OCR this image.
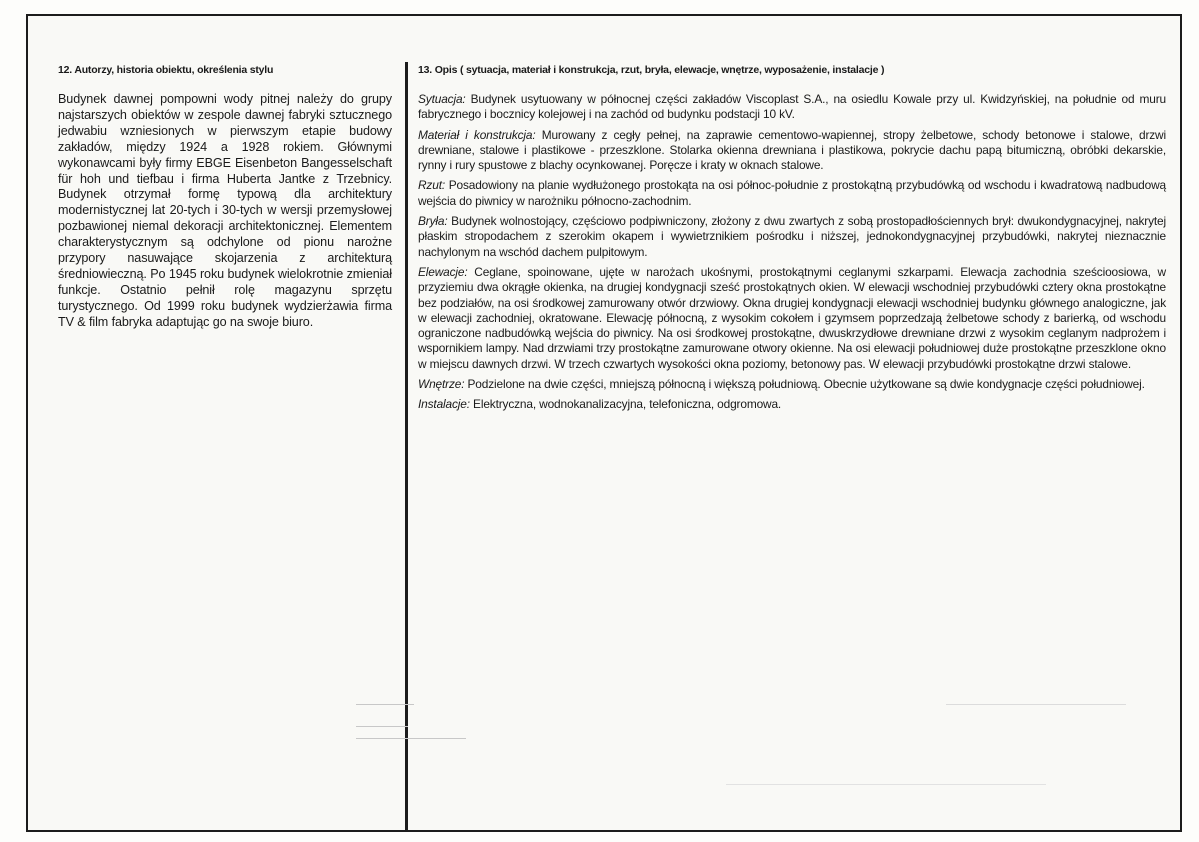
12. Autorzy, historia obiektu, określenia stylu
Budynek dawnej pompowni wody pitnej należy do grupy najstarszych obiektów w zespole dawnej fabryki sztucznego jedwabiu wzniesionych w pierwszym etapie budowy zakładów, między 1924 a 1928 rokiem. Głównymi wykonawcami były firmy EBGE Eisenbeton Bangesselschaft für hoh und tiefbau i firma Huberta Jantke z Trzebnicy. Budynek otrzymał formę typową dla architektury modernistycznej lat 20-tych i 30-tych w wersji przemysłowej pozbawionej niemal dekoracji architektonicznej. Elementem charakterystycznym są odchylone od pionu narożne przypory nasuwające skojarzenia z architekturą średniowieczną. Po 1945 roku budynek wielokrotnie zmieniał funkcje. Ostatnio pełnił rolę magazynu sprzętu turystycznego. Od 1999 roku budynek wydzierżawia firma TV & film fabryka adaptując go na swoje biuro.
13. Opis ( sytuacja, materiał i konstrukcja, rzut, bryła, elewacje, wnętrze, wyposażenie, instalacje )

Sytuacja: Budynek usytuowany w północnej części zakładów Viscoplast S.A., na osiedlu Kowale przy ul. Kwidzyńskiej, na południe od muru fabrycznego i bocznicy kolejowej i na zachód od budynku podstacji 10 kV.

Materiał i konstrukcja: Murowany z cegły pełnej, na zaprawie cementowo-wapiennej, stropy żelbetowe, schody betonowe i stalowe, drzwi drewniane, stalowe i plastikowe - przeszklone. Stolarka okienna drewniana i plastikowa, pokrycie dachu papą bitumiczną, obróbki dekarskie, rynny i rury spustowe z blachy ocynkowanej. Poręcze i kraty w oknach stalowe.

Rzut: Posadowiony na planie wydłużonego prostokąta na osi północ-południe z prostokątną przybudówką od wschodu i kwadratową nadbudową wejścia do piwnicy w narożniku północno-zachodnim.

Bryła: Budynek wolnostojący, częściowo podpiwniczony, złożony z dwu zwartych z sobą prostopadłościennych brył: dwukondygnacyjnej, nakrytej płaskim stropodachem z szerokim okapem i wywietrznikiem pośrodku i niższej, jednokondygnacyjnej przybudówki, nakrytej nieznacznie nachylonym na wschód dachem pulpitowym.

Elewacje: Ceglane, spoinowane, ujęte w narożach ukośnymi, prostokątnymi ceglanymi szkarpami. Elewacja zachodnia sześcioosiowa, w przyziemiu dwa okrągłe okienka, na drugiej kondygnacji sześć prostokątnych okien. W elewacji wschodniej przybudówki cztery okna prostokątne bez podziałów, na osi środkowej zamurowany otwór drzwiowy. Okna drugiej kondygnacji elewacji wschodniej budynku głównego analogiczne, jak w elewacji zachodniej, okratowane. Elewację północną, z wysokim cokołem i gzymsem poprzedzają żelbetowe schody z barierką, od wschodu ograniczone nadbudówką wejścia do piwnicy. Na osi środkowej prostokątne, dwuskrzydłowe drewniane drzwi z wysokim ceglanym nadprożem i wspornikiem lampy. Nad drzwiami trzy prostokątne zamurowane otwory okienne. Na osi elewacji południowej duże prostokątne przeszklone okno w miejscu dawnych drzwi. W trzech czwartych wysokości okna poziomy, betonowy pas. W elewacji przybudówki prostokątne drzwi stalowe.

Wnętrze: Podzielone na dwie części, mniejszą północną i większą południową. Obecnie użytkowane są dwie kondygnacje części południowej.

Instalacje: Elektryczna, wodnokanalizacyjna, telefoniczna, odgromowa.
